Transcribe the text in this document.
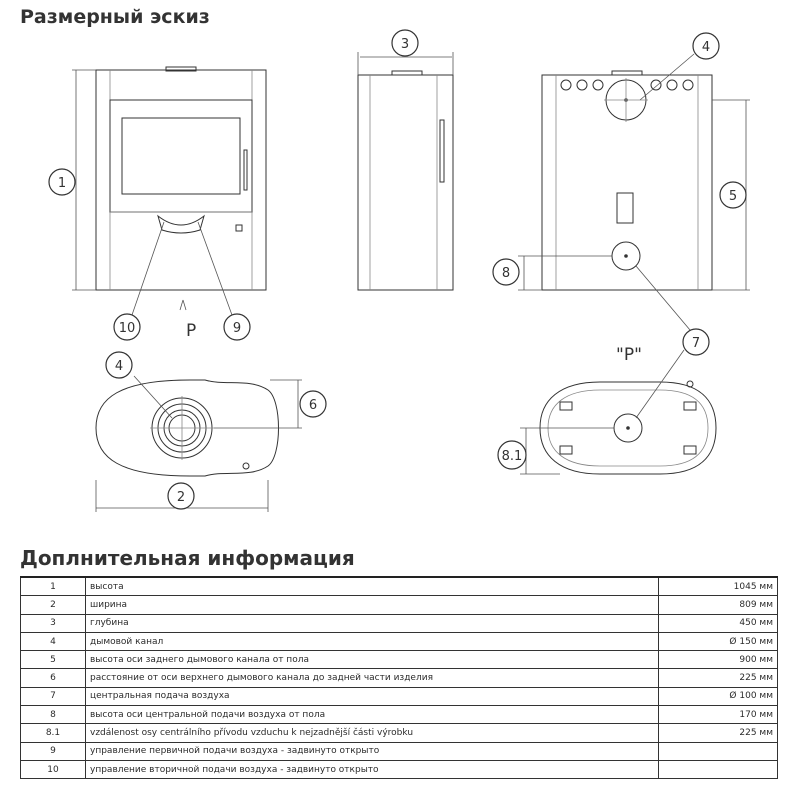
Размерный эскиз
P
"P"
1
3	4
5
8
10	9
7
4
6
8.1
2
Доплнительная информация
1	высота	1045 мм
2	ширина	809 мм
3	глубина	450 мм
4	дымовой канал	Ø 150 мм
5	высота оси заднего дымового канала от пола	900 мм
6	расстояние от оси верхнего дымового канала до задней части изделия	225 мм
7	центральная подача воздуха	Ø 100 мм
8	высота оси центральной подачи воздуха от пола	170 мм
8.1	vzdálenost osy centrálního přívodu vzduchu k nejzadnější části výrobku	225 мм
9	управление первичной подачи воздуха - задвинуто открыто	
10	управление вторичной подачи воздуха - задвинуто открыто	
